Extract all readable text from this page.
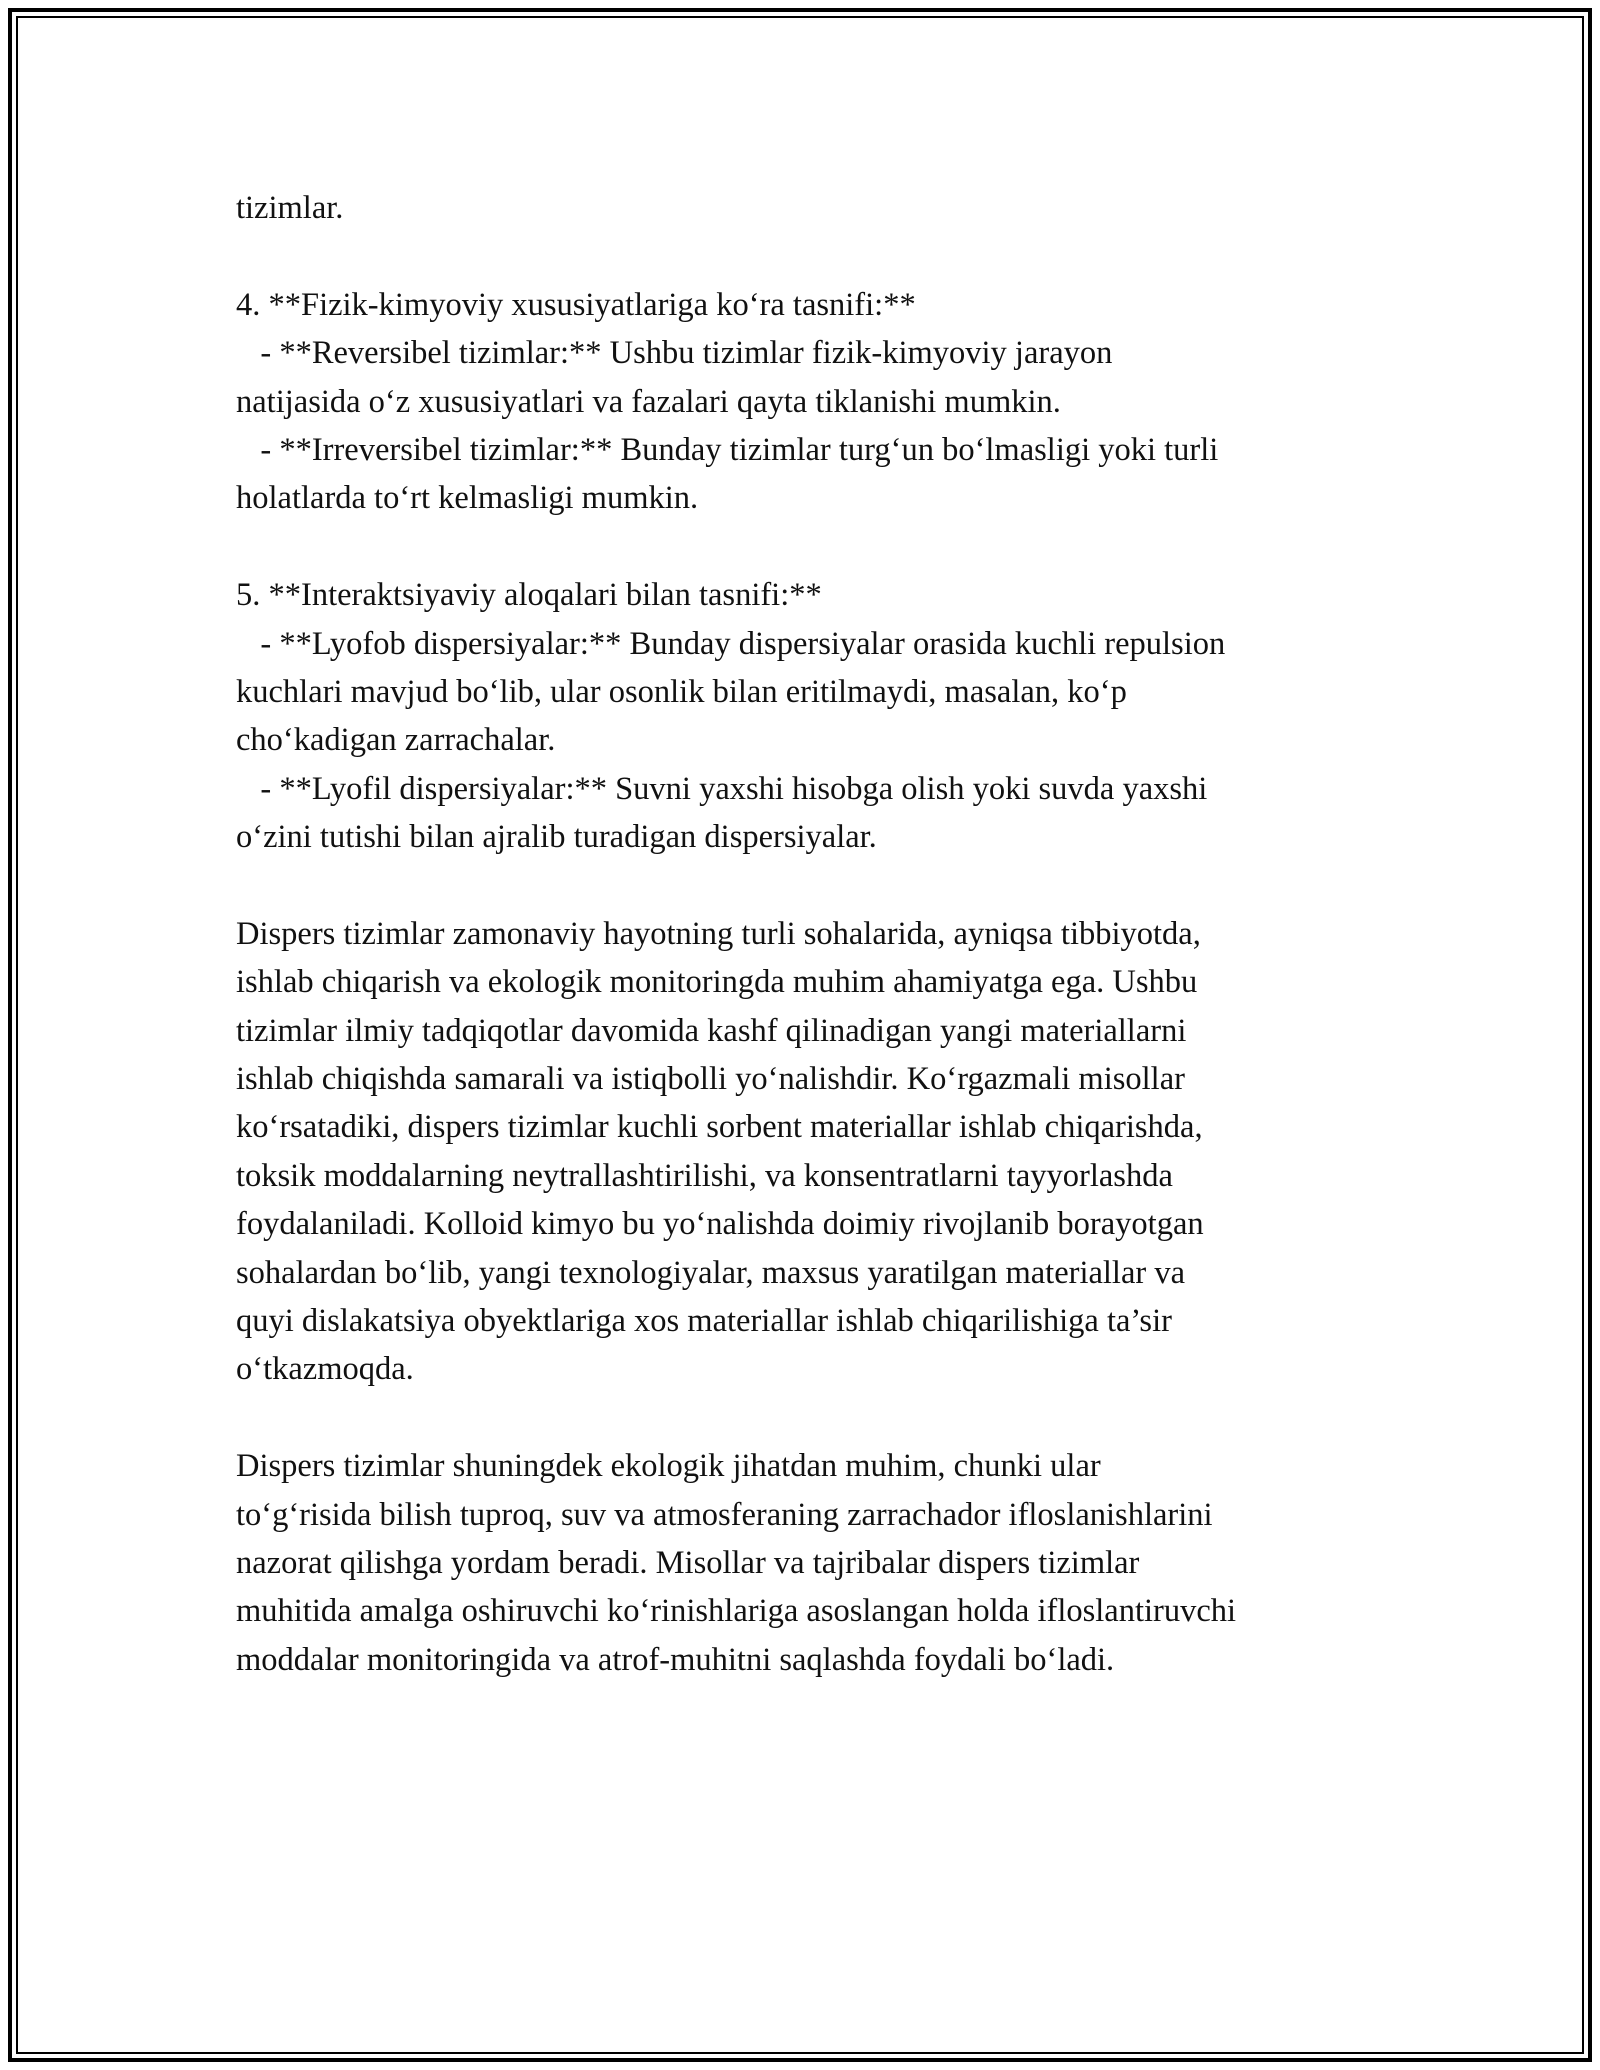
tizimlar.
4. **Fizik-kimyoviy xususiyatlariga ko‘ra tasnifi:**
- **Reversibel tizimlar:** Ushbu tizimlar fizik-kimyoviy jarayon
natijasida o‘z xususiyatlari va fazalari qayta tiklanishi mumkin.
- **Irreversibel tizimlar:** Bunday tizimlar turg‘un bo‘lmasligi yoki turli
holatlarda to‘rt kelmasligi mumkin.
5. **Interaktsiyaviy aloqalari bilan tasnifi:**
- **Lyofob dispersiyalar:** Bunday dispersiyalar orasida kuchli repulsion
kuchlari mavjud bo‘lib, ular osonlik bilan eritilmaydi, masalan, ko‘p
cho‘kadigan zarrachalar.
- **Lyofil dispersiyalar:** Suvni yaxshi hisobga olish yoki suvda yaxshi
o‘zini tutishi bilan ajralib turadigan dispersiyalar.
Dispers tizimlar zamonaviy hayotning turli sohalarida, ayniqsa tibbiyotda,
ishlab chiqarish va ekologik monitoringda muhim ahamiyatga ega. Ushbu
tizimlar ilmiy tadqiqotlar davomida kashf qilinadigan yangi materiallarni
ishlab chiqishda samarali va istiqbolli yo‘nalishdir. Ko‘rgazmali misollar
ko‘rsatadiki, dispers tizimlar kuchli sorbent materiallar ishlab chiqarishda,
toksik moddalarning neytrallashtirilishi, va konsentratlarni tayyorlashda
foydalaniladi. Kolloid kimyo bu yo‘nalishda doimiy rivojlanib borayotgan
sohalardan bo‘lib, yangi texnologiyalar, maxsus yaratilgan materiallar va
quyi dislakatsiya obyektlariga xos materiallar ishlab chiqarilishiga ta’sir
o‘tkazmoqda.
Dispers tizimlar shuningdek ekologik jihatdan muhim, chunki ular
to‘g‘risida bilish tuproq, suv va atmosferaning zarrachador ifloslanishlarini
nazorat qilishga yordam beradi. Misollar va tajribalar dispers tizimlar
muhitida amalga oshiruvchi ko‘rinishlariga asoslangan holda ifloslantiruvchi
moddalar monitoringida va atrof-muhitni saqlashda foydali bo‘ladi.
